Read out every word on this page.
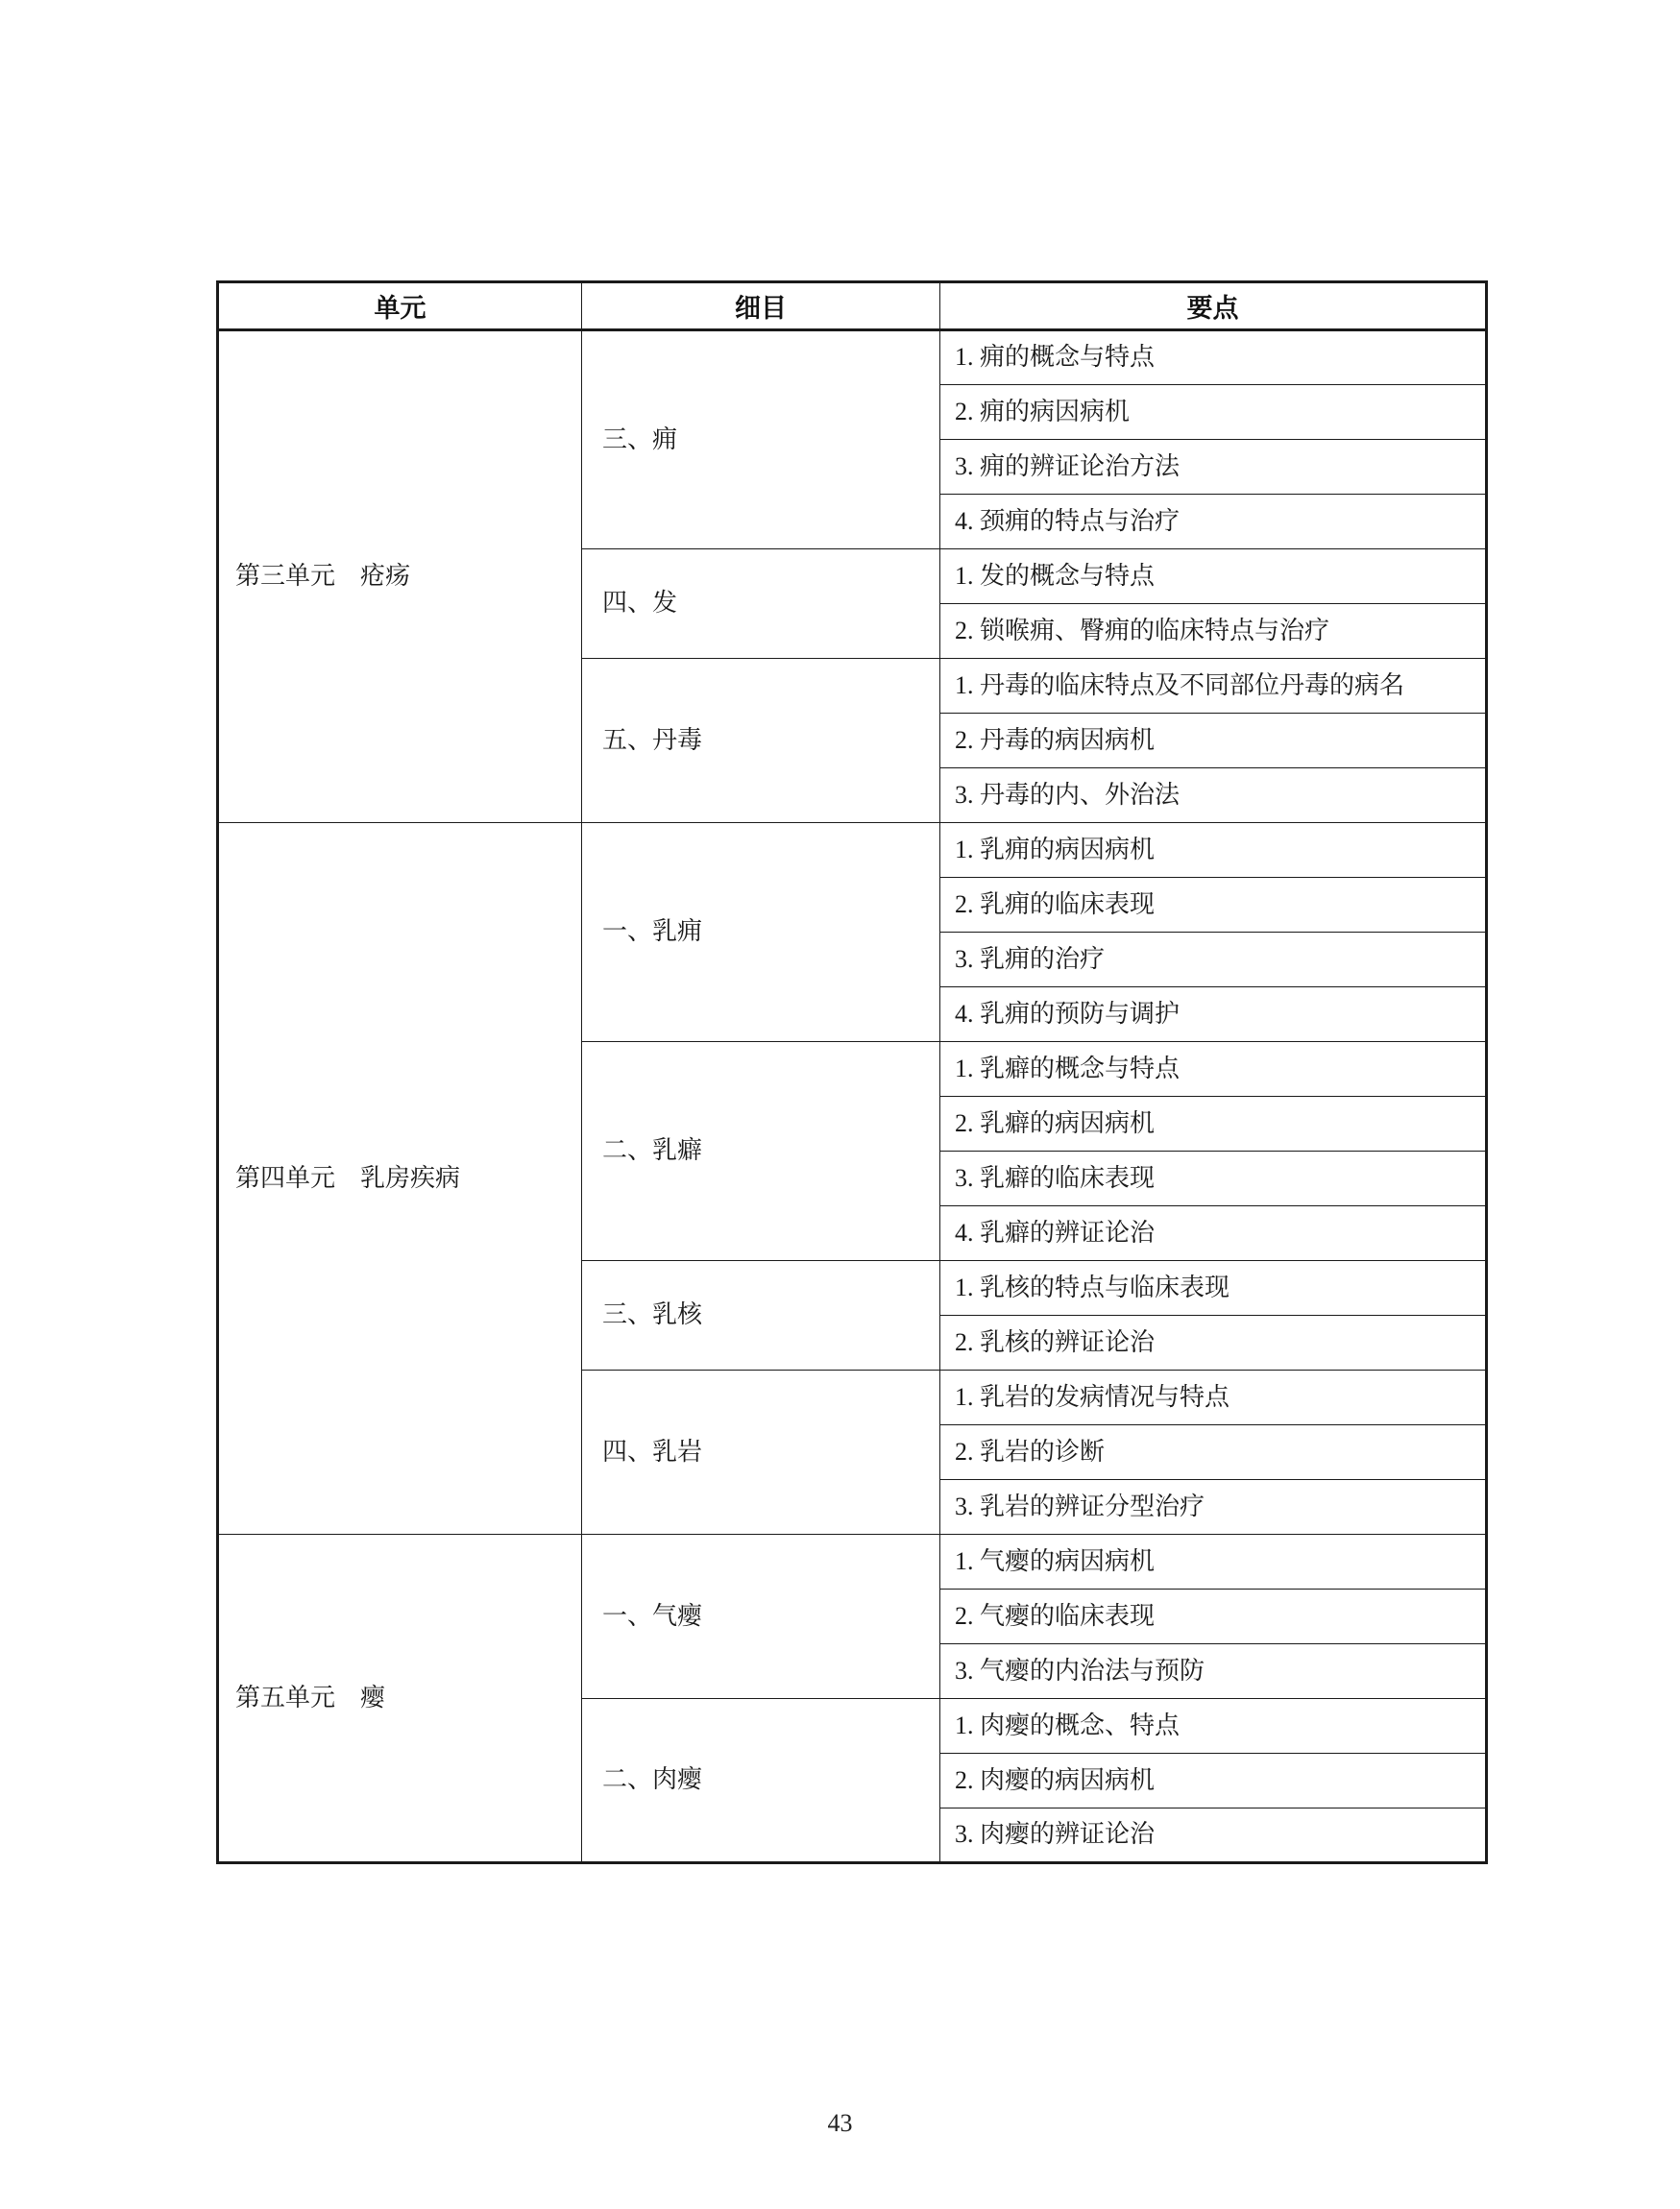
单元	细目	要点
第三单元　疮疡	三、痈	1. 痈的概念与特点
		2. 痈的病因病机
		3. 痈的辨证论治方法
		4. 颈痈的特点与治疗
	四、发	1. 发的概念与特点
		2. 锁喉痈、臀痈的临床特点与治疗
	五、丹毒	1. 丹毒的临床特点及不同部位丹毒的病名
		2. 丹毒的病因病机
		3. 丹毒的内、外治法
第四单元　乳房疾病	一、乳痈	1. 乳痈的病因病机
		2. 乳痈的临床表现
		3. 乳痈的治疗
		4. 乳痈的预防与调护
	二、乳癖	1. 乳癖的概念与特点
		2. 乳癖的病因病机
		3. 乳癖的临床表现
		4. 乳癖的辨证论治
	三、乳核	1. 乳核的特点与临床表现
		2. 乳核的辨证论治
	四、乳岩	1. 乳岩的发病情况与特点
		2. 乳岩的诊断
		3. 乳岩的辨证分型治疗
第五单元　瘿	一、气瘿	1. 气瘿的病因病机
		2. 气瘿的临床表现
		3. 气瘿的内治法与预防
	二、肉瘿	1. 肉瘿的概念、特点
		2. 肉瘿的病因病机
		3. 肉瘿的辨证论治
43
